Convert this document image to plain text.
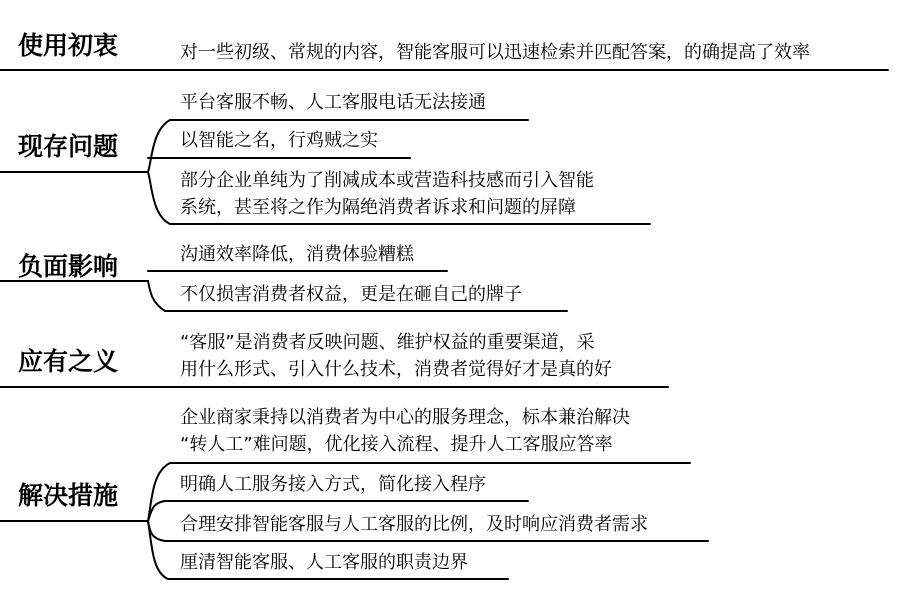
使用初衷
现存问题
负面影响
应有之义
解决措施
对一些初级、常规的内容，智能客服可以迅速检索并匹配答案，的确提高了效率
平台客服不畅、人工客服电话无法接通
以智能之名，行鸡贼之实
部分企业单纯为了削减成本或营造科技感而引入智能
系统，甚至将之作为隔绝消费者诉求和问题的屏障
沟通效率降低，消费体验糟糕
不仅损害消费者权益，更是在砸自己的牌子
“客服”是消费者反映问题、维护权益的重要渠道，采
用什么形式、引入什么技术，消费者觉得好才是真的好
企业商家秉持以消费者为中心的服务理念，标本兼治解决
“转人工”难问题，优化接入流程、提升人工客服应答率
明确人工服务接入方式，简化接入程序
合理安排智能客服与人工客服的比例，及时响应消费者需求
厘清智能客服、人工客服的职责边界
